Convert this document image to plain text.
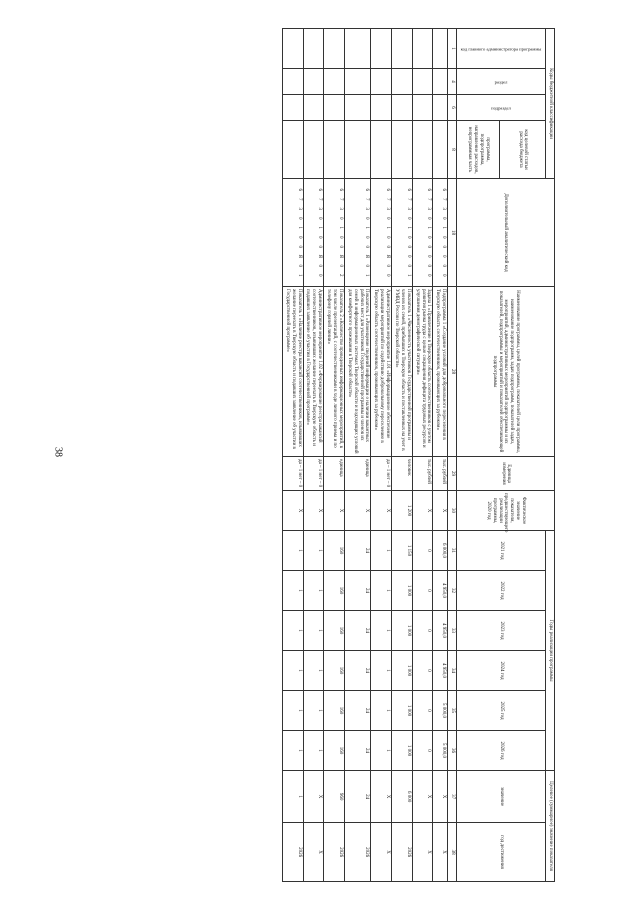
38
Коды бюджетной классификации				Дополнительный аналитический код	Наименование программы, целей программы, показателей цели программы, наименование подпрограмм, задач подпрограмм, показателей задач, мероприятий, административных мероприятий подпрограммы и их показателей, подпрограммы и мероприятий и показателей обеспечивающей подпрограммы	Единица измерения	Фактическое значение показателя, предшествующего реализации программы, 2020 год	Годы реализации программы						Целевое (суммарное) значение показателя	

код главного администратора программы	раздел	подраздел	код целевой статьи расхода бюджета					2021 год	2022 год	2023 год	2024 год	2025 год	2026 год	значение	год достижения
			программа, подпрограмма, направление расходов, непрограммная часть												
1	4	6	8	18	28	29	30	31	32	33	34	35	36	37	38
				6730100000	Подпрограмма 1 «Создание условий для добровольного переселения в Тверскую область соотечественников, проживающих за рубежом»	тыс. рублей	X	6 000,0	4 950,0	4 950,0	4 950,0	5 000,0	5 000,0	X	X
				6730100000	Задача 1 «Привлечение в Тверскую область соотечественников с учетом развития рынка труда с целью сокращения дефицита трудовых ресурсов и улучшения демографической ситуации»	тыс. рублей	X	0	0	0	0	0	0	X	X
				6730100001	Показатель 1 «Численность участников Государственной программы и членов их семей, прибывших в Тверскую область и поставленных на учет в УМВД России по Тверской области»	человек	1 200	1 150	1 000	1 000	1 000	1 000	1 000	6 000	2026
				6730100Я00	Административное мероприятие 1.01 «Информационное обеспечение реализации мероприятий по содействию добровольному переселению в Тверскую область соотечественников, проживающих за рубежом»	да – 1 нет – 0	X	1	1	1	1	1	1	X	X
				6730100Я01	Показатель 1 «Размещение сведений информации о наличии вакантных рабочих мест для участников Государственной программы и членов их семей в информационных системах Тверской области и подходящих условий для комфортного проживания в Тверской области»	единица	X	24	24	24	24	24	24	24	2026
				6730100Я02	Показатель 2 «Количество проведенных информационных мероприятий, в том числе презентаций, с соотечественниками в ходе личного приема и по телефону горячей линии»	единица	X	160	160	160	160	160	160	960	2026
				6730100Я00	Административное мероприятие 1.02 «Формирование реестра вакансий соотечественников, изъявивших желание переехать в Тверскую область и подавших заявление об участии в Государственной программе»	да – 1 нет – 0	X	1	1	1	1	1	1	X	X
				6730100Я01	Показатель 1 «Наличие реестра вакансий соотечественников, изъявивших желание переехать в Тверскую область и подавших заявление об участии в Государственной программе»	да – 1 нет – 0	X	1	1	1	1	1	1	1	2026
